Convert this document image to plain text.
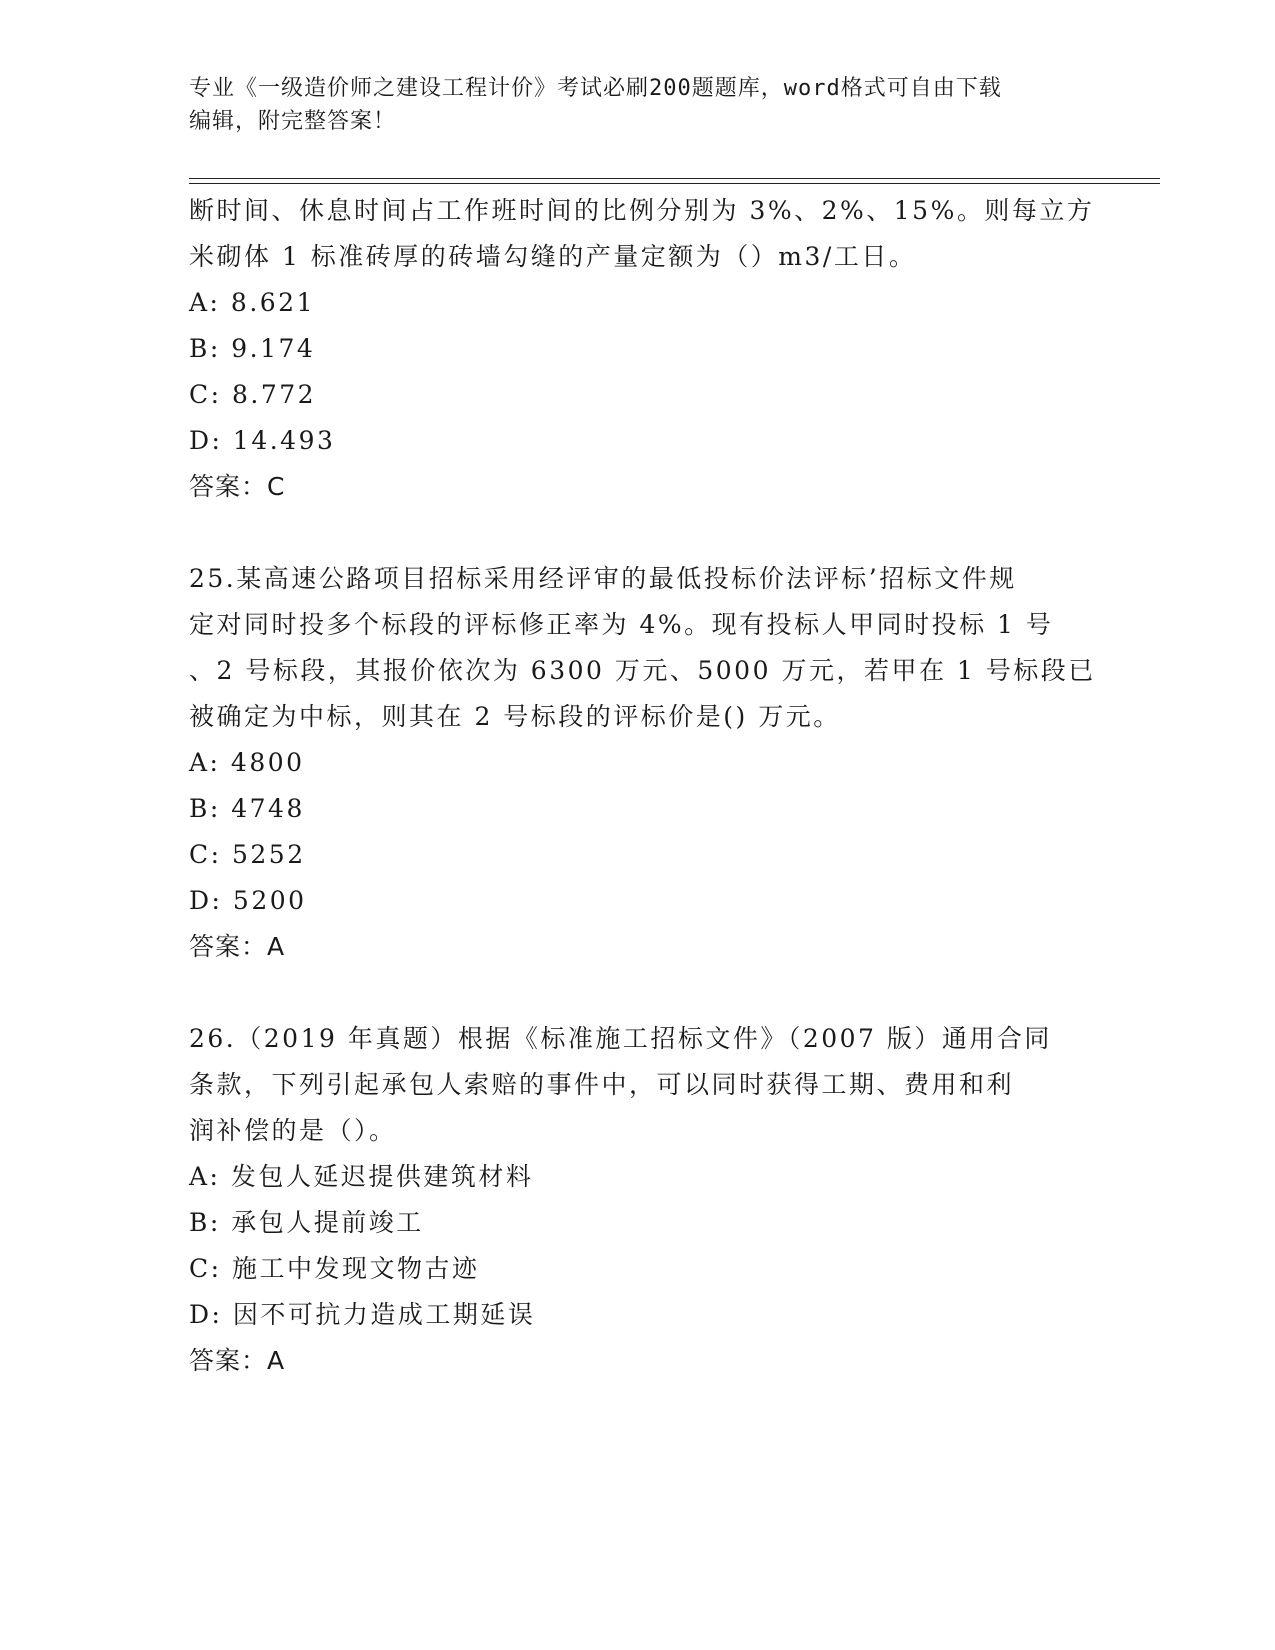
专业《一级造价师之建设工程计价》考试必刷200题题库，word格式可自由下载
编辑，附完整答案！
断时间、休息时间占工作班时间的比例分别为 3%、2%、15%。则每立方
米砌体 1 标准砖厚的砖墙勾缝的产量定额为（）m3/工日。
A: 8.621
B: 9.174
C: 8.772
D: 14.493
答案：C
25.某高速公路项目招标采用经评审的最低投标价法评标’招标文件规
定对同时投多个标段的评标修正率为 4%。现有投标人甲同时投标 1 号
、2 号标段，其报价依次为 6300 万元、5000 万元，若甲在 1 号标段已
被确定为中标，则其在 2 号标段的评标价是() 万元。
A: 4800
B: 4748
C: 5252
D: 5200
答案：A
26.（2019 年真题）根据《标准施工招标文件》（2007 版）通用合同
条款，下列引起承包人索赔的事件中，可以同时获得工期、费用和利
润补偿的是（）。
A: 发包人延迟提供建筑材料
B: 承包人提前竣工
C: 施工中发现文物古迹
D: 因不可抗力造成工期延误
答案：A
